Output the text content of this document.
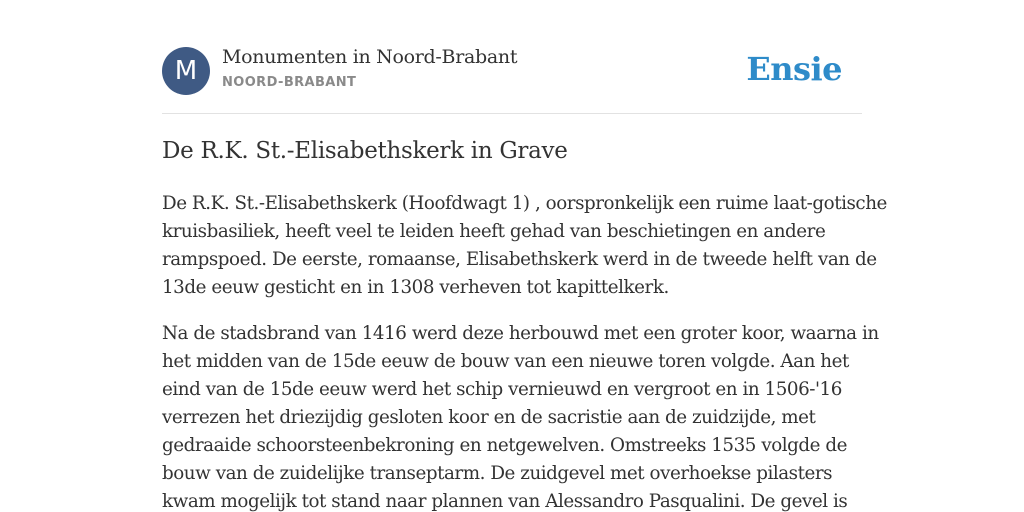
M	Monumenten in Noord-Brabant
NOORD-BRABANT	Ensie
De R.K. St.-Elisabethskerk in Grave

De R.K. St.-Elisabethskerk (Hoofdwagt 1) , oorspronkelijk een ruime laat-gotische
kruisbasiliek, heeft veel te leiden heeft gehad van beschietingen en andere
rampspoed. De eerste, romaanse, Elisabethskerk werd in de tweede helft van de
13de eeuw gesticht en in 1308 verheven tot kapittelkerk.

Na de stadsbrand van 1416 werd deze herbouwd met een groter koor, waarna in
het midden van de 15de eeuw de bouw van een nieuwe toren volgde. Aan het
eind van de 15de eeuw werd het schip vernieuwd en vergroot en in 1506-'16
verrezen het driezijdig gesloten koor en de sacristie aan de zuidzijde, met
gedraaide schoorsteenbekroning en netgewelven. Omstreeks 1535 volgde de
bouw van de zuidelijke transeptarm. De zuidgevel met overhoekse pilasters
kwam mogelijk tot stand naar plannen van Alessandro Pasqualini. De gevel is
